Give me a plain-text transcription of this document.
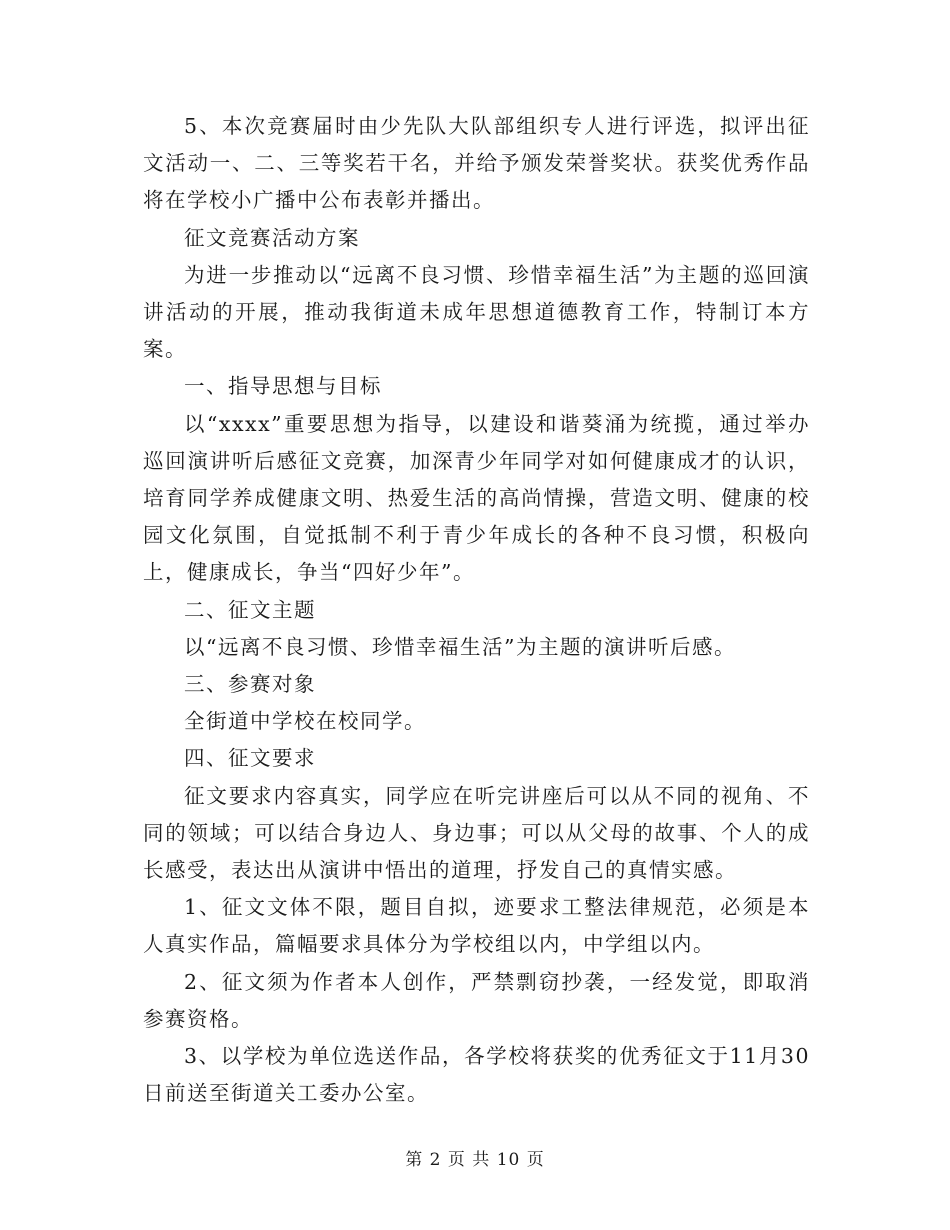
5、本次竞赛届时由少先队大队部组织专人进行评选，拟评出征文活动一、二、三等奖若干名，并给予颁发荣誉奖状。获奖优秀作品将在学校小广播中公布表彰并播出。

征文竞赛活动方案

为进一步推动以“远离不良习惯、珍惜幸福生活”为主题的巡回演讲活动的开展，推动我街道未成年思想道德教育工作，特制订本方案。

一、指导思想与目标

以“xxxx”重要思想为指导，以建设和谐葵涌为统揽，通过举办巡回演讲听后感征文竞赛，加深青少年同学对如何健康成才的认识，培育同学养成健康文明、热爱生活的高尚情操，营造文明、健康的校园文化氛围，自觉抵制不利于青少年成长的各种不良习惯，积极向上，健康成长，争当“四好少年”。

二、征文主题

以“远离不良习惯、珍惜幸福生活”为主题的演讲听后感。

三、参赛对象

全街道中学校在校同学。

四、征文要求

征文要求内容真实，同学应在听完讲座后可以从不同的视角、不同的领域；可以结合身边人、身边事；可以从父母的故事、个人的成长感受，表达出从演讲中悟出的道理，抒发自己的真情实感。

1、征文文体不限，题目自拟，迹要求工整法律规范，必须是本人真实作品，篇幅要求具体分为学校组以内，中学组以内。

2、征文须为作者本人创作，严禁剽窃抄袭，一经发觉，即取消参赛资格。

3、以学校为单位选送作品，各学校将获奖的优秀征文于11月30日前送至街道关工委办公室。

第 2 页 共 10 页
